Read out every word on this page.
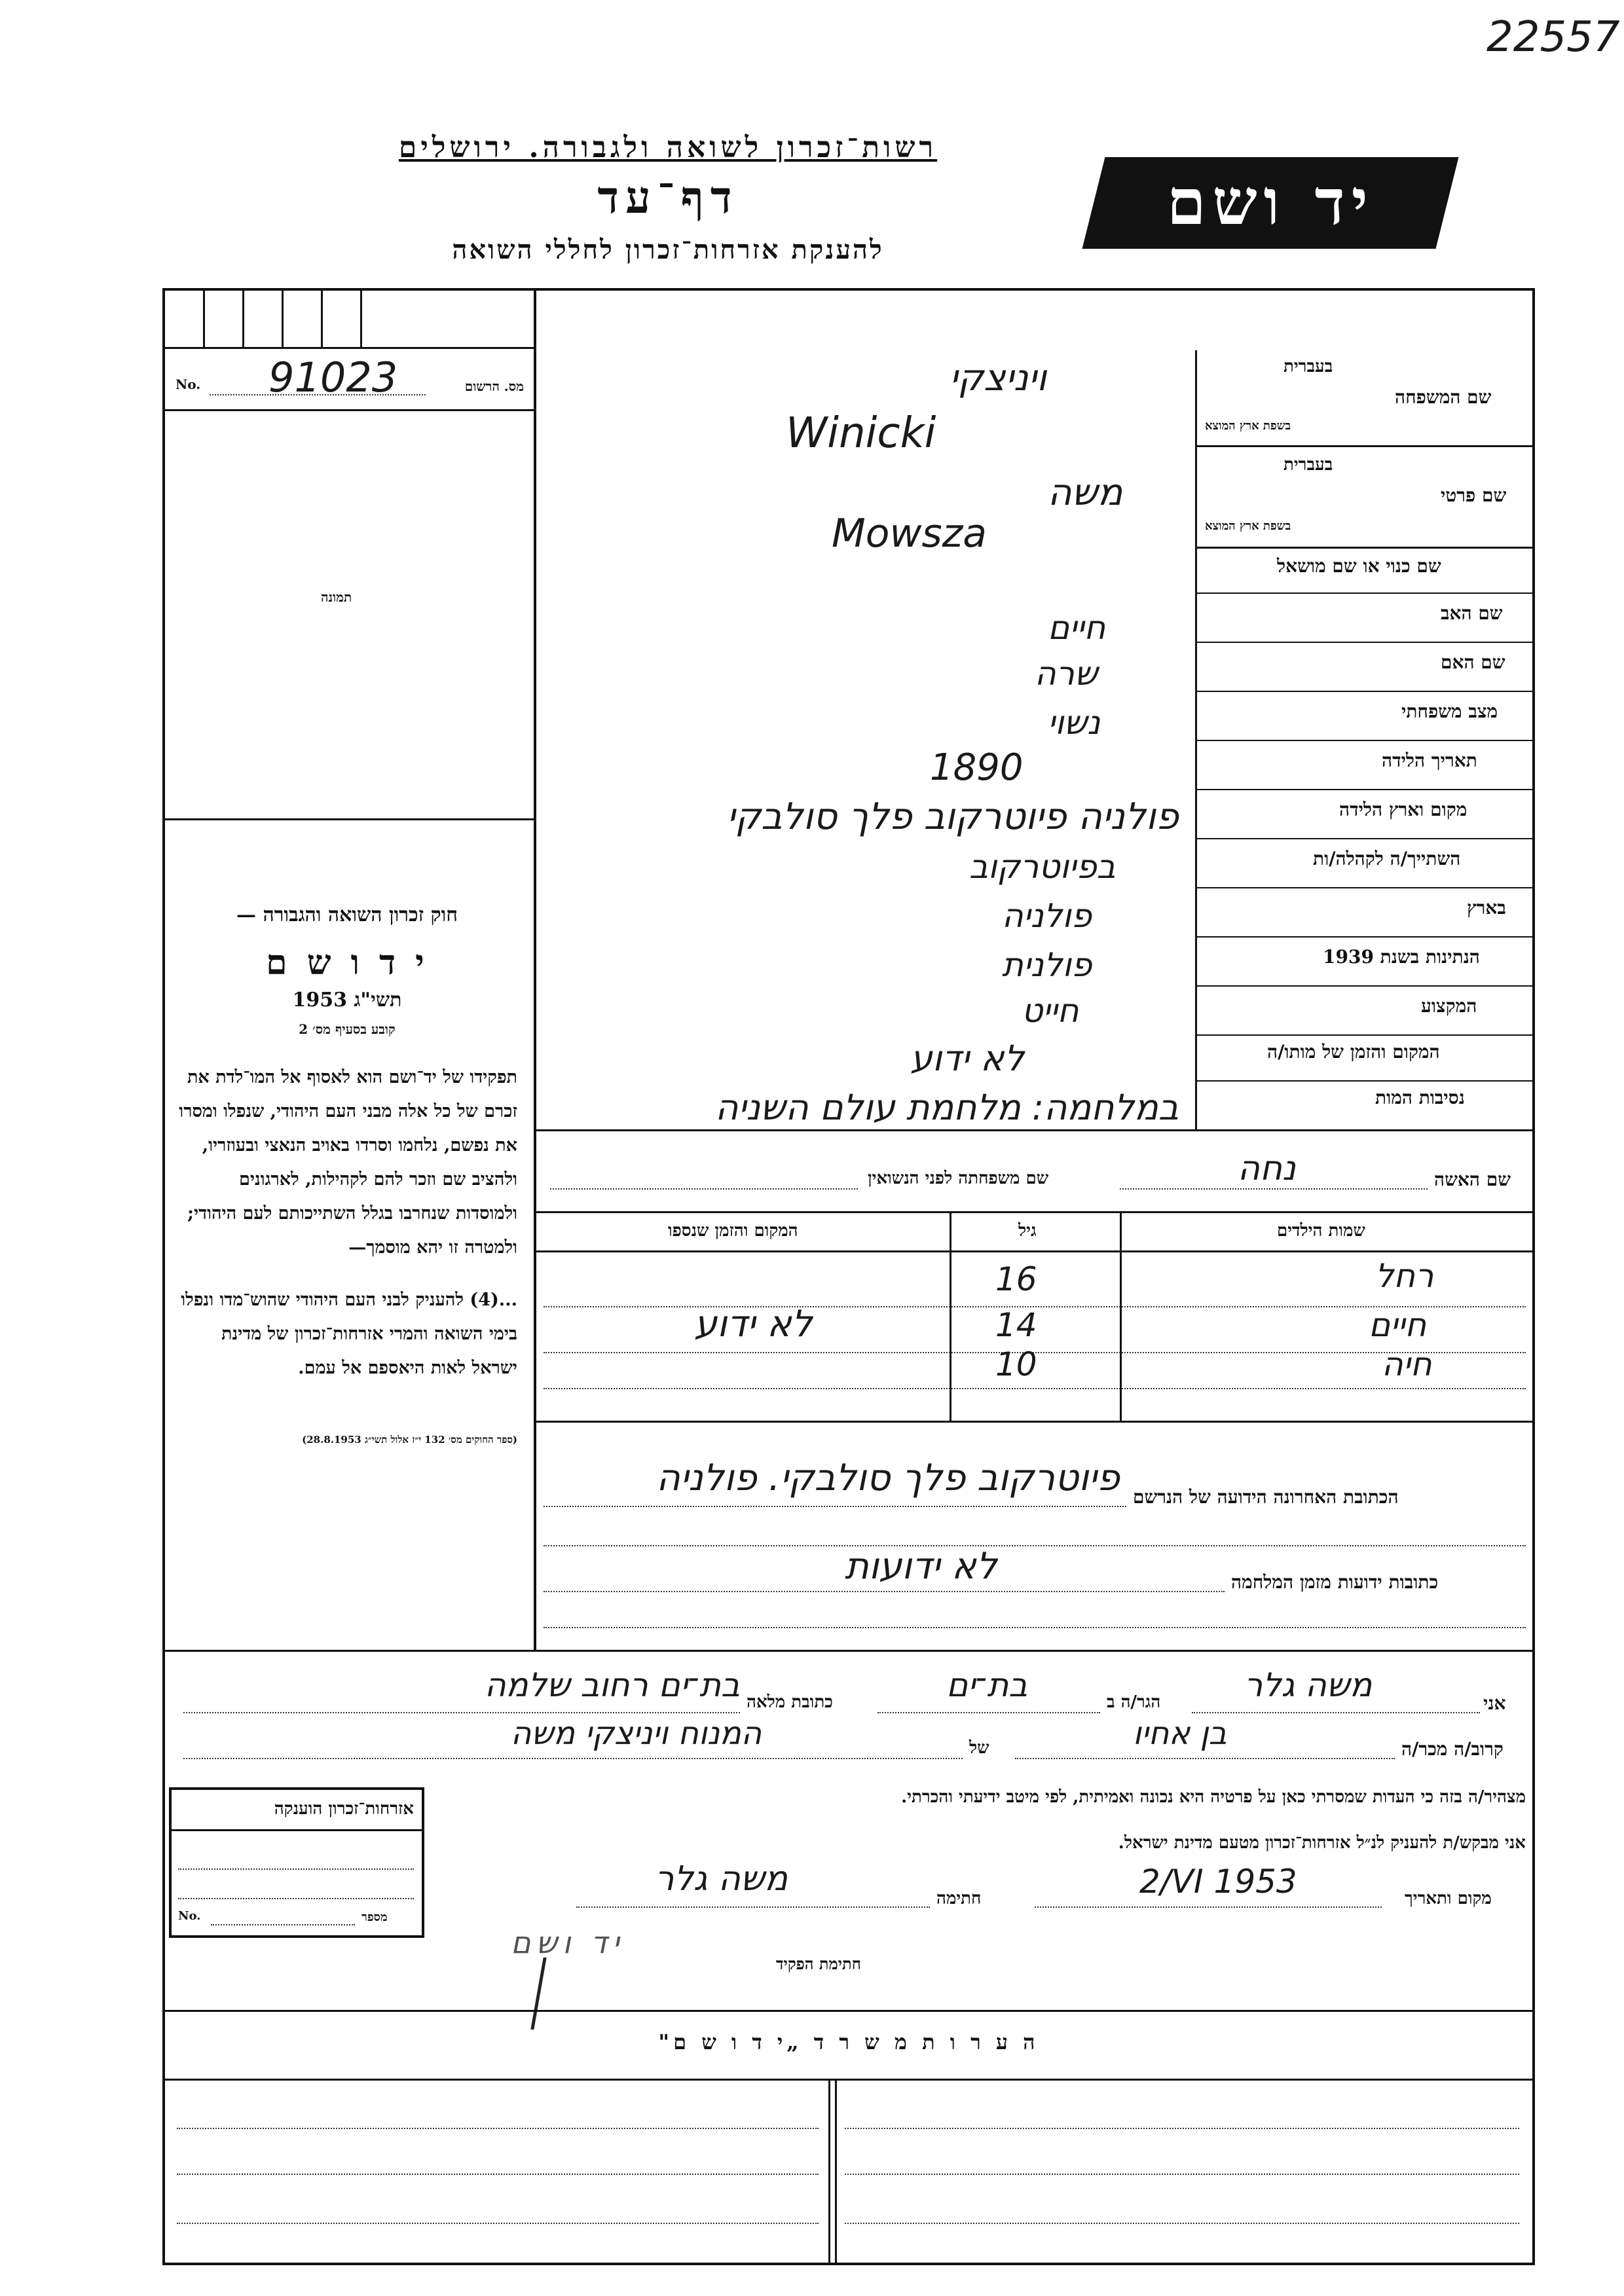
22557
רשות־זכרון לשואה ולגבורה. ירושלים
דף־עד
להענקת אזרחות־זכרון לחללי השואה
יד ושם
No. 91023	מס. הרשום
תמונה
חוק זכרון השואה והגבורה —
י ד ו ש ם
תשי"ג 1953
קובע בסעיף מס׳ 2
תפקידו של יד־ושם הוא לאסוף אל המו־לדת את זכרם של כל אלה מבני העם היהודי, שנפלו ומסרו את נפשם, נלחמו וסרדו באויב הנאצי ובעוזריו, ולהציב שם וזכר להם לקהילות, לארגונים ולמוסדות שנחרבו בגלל השתייכותם לעם היהודי; ולמטרה זו יהא מוסמך—
...(4) להעניק לבני העם היהודי שהוש־מדו ונפלו בימי השואה והמרי אזרחות־זכרון של מדינת ישראל לאות היאספם אל עמם.
(ספר החוקים מס׳ 132 י״ז אלול תשי״ג 28.8.1953)
בעברית
שם המשפחה
בשפת ארץ המוצא
בעברית
שם פרטי
בשפת ארץ המוצא
שם כנוי או שם מושאל
שם האב
שם האם
מצב משפחתי
תאריך הלידה
מקום וארץ הלידה
השתייך/ה לקהלה/ות
בארץ
הנתינות בשנת 1939
המקצוע
המקום והזמן של מותו/ה
נסיבות המות
ויניצקי
Winicki
משה
Mowsza
חיים
שרה
נשוי
1890
פולניה פיוטרקוב פלך סולבקי
בפיוטרקוב
פולניה
פולנית
חייט
לא ידוע
במלחמה: מלחמת עולם השניה
שם האשה
נחה
שם משפחתה לפני הנשואין
שמות הילדים
גיל
המקום והזמן שנספו
רחל
16
חיים
14
חיה
10
לא ידוע
הכתובת האחרונה הידועה של הנרשם
פיוטרקוב פלך סולבקי. פולניה
כתובות ידועות מזמן המלחמה
לא ידועות
אני
משה גלר
הגר/ה ב
בת־ים
כתובת מלאה
בת־ים רחוב שלמה
קרוב/ה מכר/ה
בן אחיו
של
המנוח ויניצקי משה
מצהיר/ה בזה כי העדות שמסרתי כאן על פרטיה היא נכונה ואמיתית, לפי מיטב ידיעתי והכרתי.
אני מבקש/ת להעניק לנ״ל אזרחות־זכרון מטעם מדינת ישראל.
מקום ותאריך
2/VI 1953
חתימה
משה גלר
חתימת הפקיד
יד ושם
אזרחות־זכרון הוענקה
No.	מספר
ה ע ר ו ת מ ש ר ד „י ד ו ש ם"
